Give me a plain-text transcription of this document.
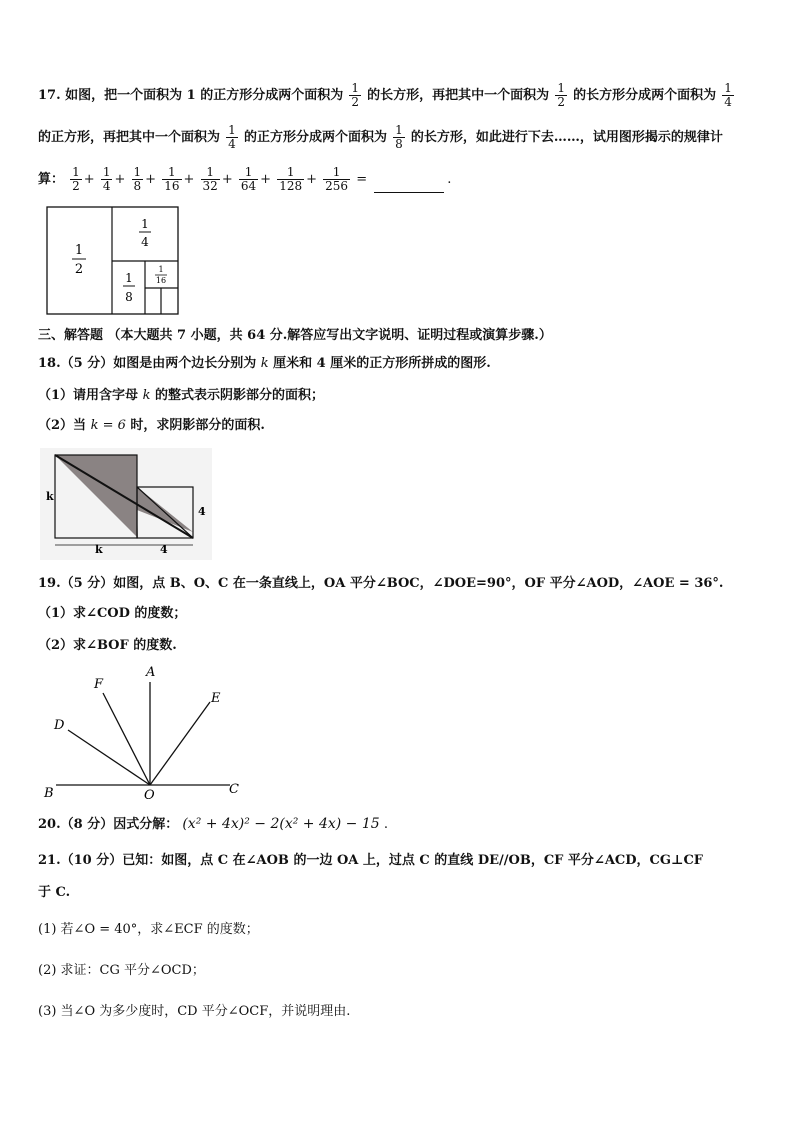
17. 如图，把一个面积为 1 的正方形分成两个面积为 $\frac{1}{2}$ 的长方形，再把其中一个面积为 $\frac{1}{2}$ 的长方形分成两个面积为 $\frac{1}{4}$
的正方形，再把其中一个面积为 $\frac{1}{4}$ 的正方形分成两个面积为 $\frac{1}{8}$ 的长方形，如此进行下去……，试用图形揭示的规律计
算： $\frac{1}{2} + \frac{1}{4} + \frac{1}{8} + \frac{1}{16} + \frac{1}{32} + \frac{1}{64} + \frac{1}{128} + \frac{1}{256}$ =	.
1
2
1
4
1
8
1
16
三、解答题 （本大题共 7 小题，共 64 分.解答应写出文字说明、证明过程或演算步骤.）
18.（5 分）如图是由两个边长分别为 k 厘米和 4 厘米的正方形所拼成的图形.
（1）请用含字母 k 的整式表示阴影部分的面积；
（2）当 k = 6 时，求阴影部分的面积.
k
k
4
4
19.（5 分）如图，点 B、O、C 在一条直线上，OA 平分∠BOC，∠DOE=90°，OF 平分∠AOD，∠AOE = 36°.
（1）求∠COD 的度数；
（2）求∠BOF 的度数.
A
F
E
D
B	O	C
20.（8 分）因式分解： (x² + 4x)² − 2(x² + 4x) − 15 .
21.（10 分）已知：如图，点 C 在∠AOB 的一边 OA 上，过点 C 的直线 DE//OB，CF 平分∠ACD，CG⊥CF
于 C.
(1) 若∠O = 40°，求∠ECF 的度数；
(2) 求证：CG 平分∠OCD；
(3) 当∠O 为多少度时，CD 平分∠OCF，并说明理由.
